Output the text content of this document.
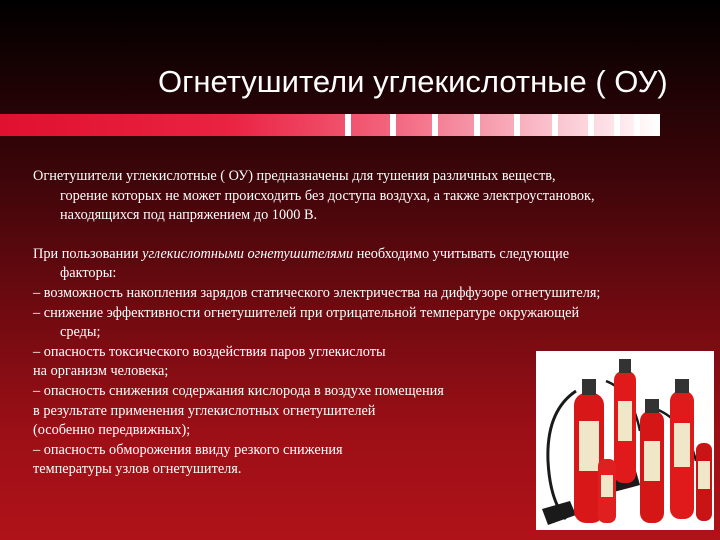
Огнетушители углекислотные ( ОУ)

Огнетушители углекислотные ( ОУ) предназначены для тушения различных веществ,
горение которых не может происходить без доступа воздуха, а также электроустановок,
находящихся под напряжением до 1000 В.

При пользовании углекислотными огнетушителями необходимо учитывать следующие
факторы:
– возможность накопления зарядов статического электричества на диффузоре огнетушителя;
– снижение эффективности огнетушителей при отрицательной температуре окружающей
среды;
– опасность токсического воздействия паров углекислоты
на организм человека;
– опасность снижения содержания кислорода в воздухе помещения
в результате применения углекислотных огнетушителей
(особенно передвижных);
– опасность обморожения ввиду резкого снижения
температуры узлов огнетушителя.
